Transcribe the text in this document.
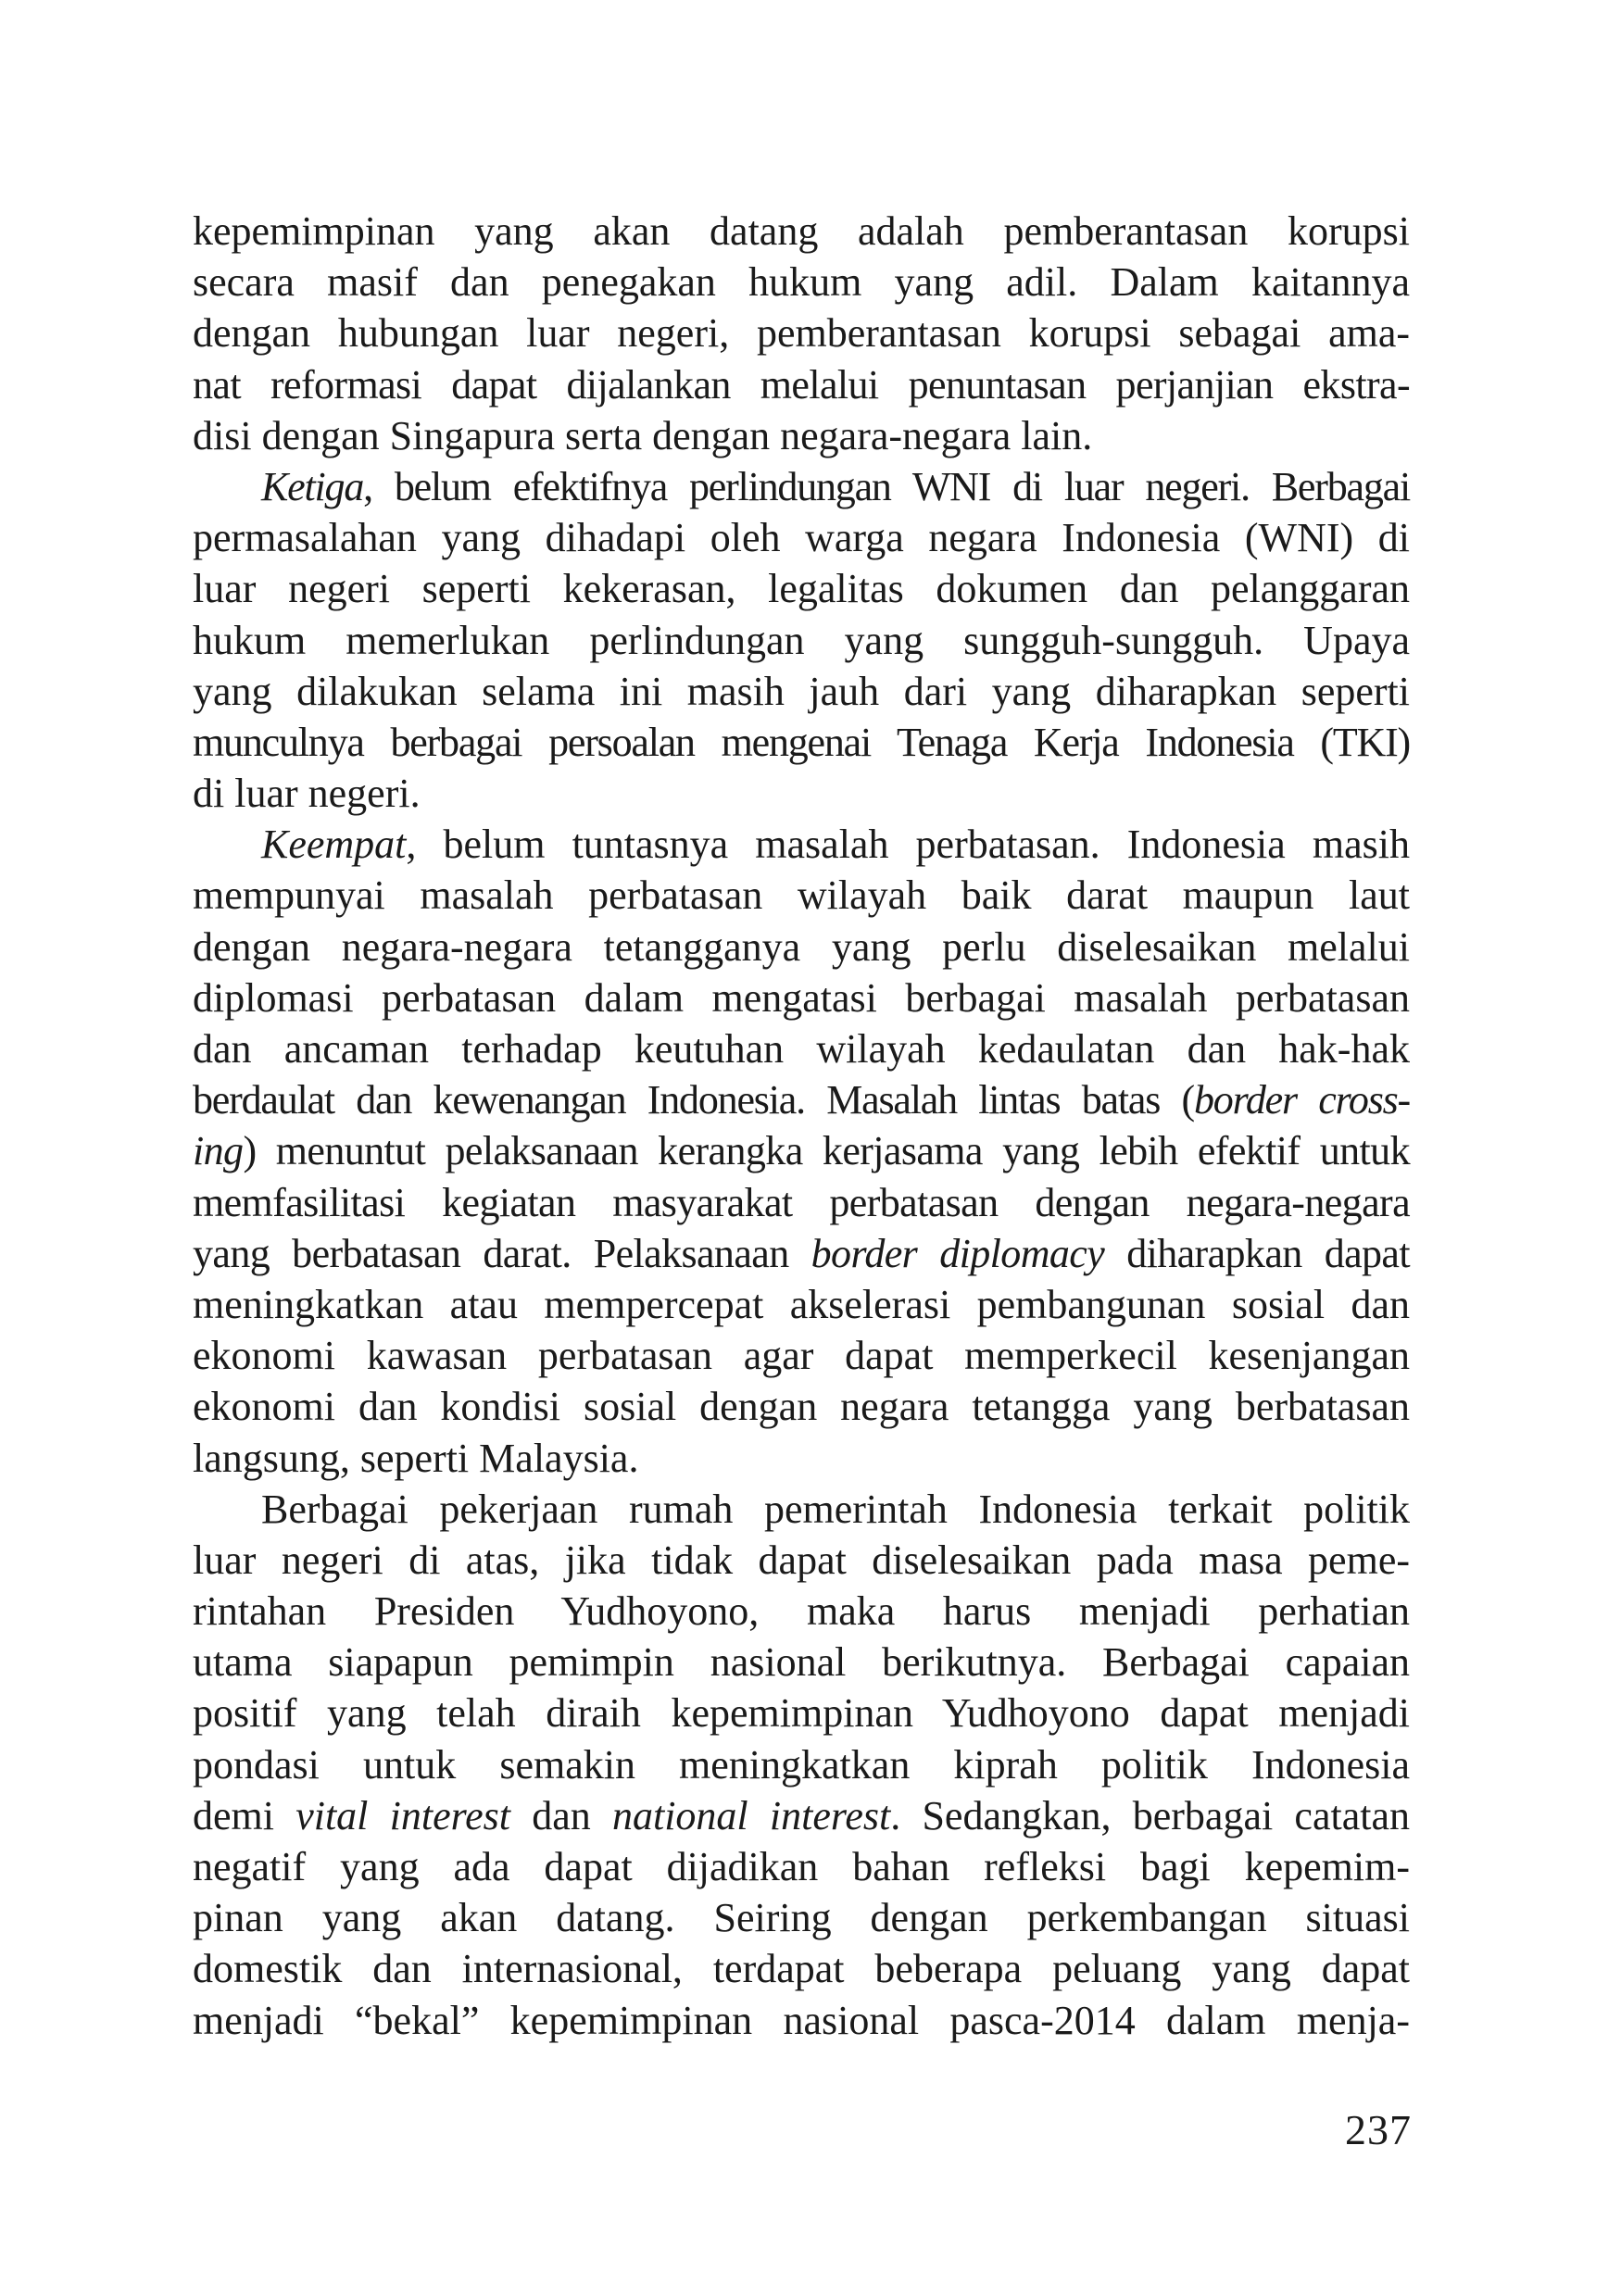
kepemimpinan yang akan datang adalah pemberantasan korupsi
secara masif dan penegakan hukum yang adil. Dalam kaitannya
dengan hubungan luar negeri, pemberantasan korupsi sebagai ama-
nat reformasi dapat dijalankan melalui penuntasan perjanjian ekstra-
disi dengan Singapura serta dengan negara-negara lain.
Ketiga, belum efektifnya perlindungan WNI di luar negeri. Berbagai
permasalahan yang dihadapi oleh warga negara Indonesia (WNI) di
luar negeri seperti kekerasan, legalitas dokumen dan pelanggaran
hukum memerlukan perlindungan yang sungguh-sungguh. Upaya
yang dilakukan selama ini masih jauh dari yang diharapkan seperti
munculnya berbagai persoalan mengenai Tenaga Kerja Indonesia (TKI)
di luar negeri.
Keempat, belum tuntasnya masalah perbatasan. Indonesia masih
mempunyai masalah perbatasan wilayah baik darat maupun laut
dengan negara-negara tetangganya yang perlu diselesaikan melalui
diplomasi perbatasan dalam mengatasi berbagai masalah perbatasan
dan ancaman terhadap keutuhan wilayah kedaulatan dan hak-hak
berdaulat dan kewenangan Indonesia. Masalah lintas batas (border cross-
ing) menuntut pelaksanaan kerangka kerjasama yang lebih efektif untuk
memfasilitasi kegiatan masyarakat perbatasan dengan negara-negara
yang berbatasan darat. Pelaksanaan border diplomacy diharapkan dapat
meningkatkan atau mempercepat akselerasi pembangunan sosial dan
ekonomi kawasan perbatasan agar dapat memperkecil kesenjangan
ekonomi dan kondisi sosial dengan negara tetangga yang berbatasan
langsung, seperti Malaysia.
Berbagai pekerjaan rumah pemerintah Indonesia terkait politik
luar negeri di atas, jika tidak dapat diselesaikan pada masa peme-
rintahan Presiden Yudhoyono, maka harus menjadi perhatian
utama siapapun pemimpin nasional berikutnya. Berbagai capaian
positif yang telah diraih kepemimpinan Yudhoyono dapat menjadi
pondasi untuk semakin meningkatkan kiprah politik Indonesia
demi vital interest dan national interest. Sedangkan, berbagai catatan
negatif yang ada dapat dijadikan bahan refleksi bagi kepemim-
pinan yang akan datang. Seiring dengan perkembangan situasi
domestik dan internasional, terdapat beberapa peluang yang dapat
menjadi “bekal” kepemimpinan nasional pasca-2014 dalam menja-
237
